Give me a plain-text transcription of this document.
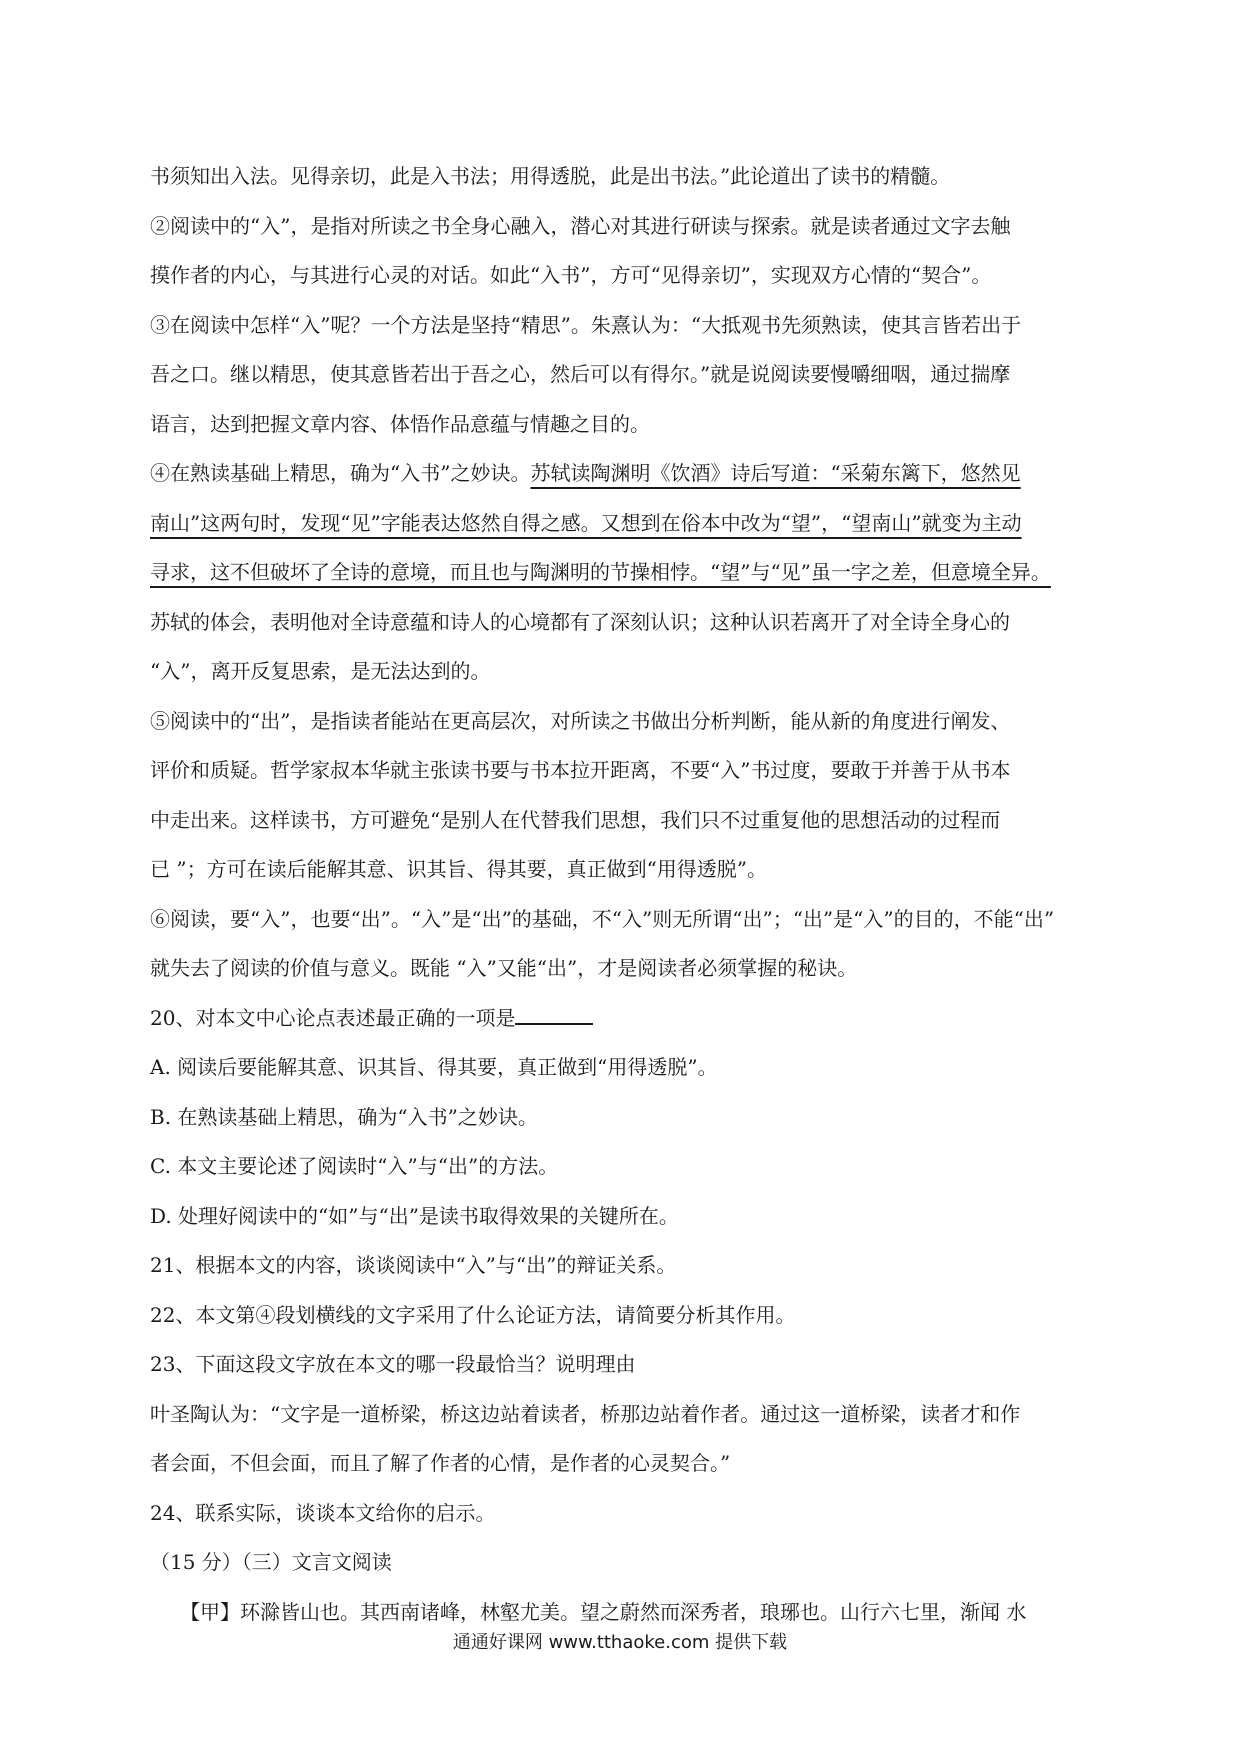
书须知出入法。见得亲切，此是入书法；用得透脱，此是出书法。”此论道出了读书的精髓。
②阅读中的“入”，是指对所读之书全身心融入，潜心对其进行研读与探索。就是读者通过文字去触
摸作者的内心，与其进行心灵的对话。如此“入书”，方可“见得亲切”，实现双方心情的“契合”。
③在阅读中怎样“入”呢？一个方法是坚持“精思”。朱熹认为：“大抵观书先须熟读，使其言皆若出于
吾之口。继以精思，使其意皆若出于吾之心，然后可以有得尔。”就是说阅读要慢嚼细咽，通过揣摩
语言，达到把握文章内容、体悟作品意蕴与情趣之目的。
④在熟读基础上精思，确为“入书”之妙诀。苏轼读陶渊明《饮酒》诗后写道：“采菊东篱下，悠然见
南山”这两句时，发现“见”字能表达悠然自得之感。又想到在俗本中改为“望”，“望南山”就变为主动
寻求，这不但破坏了全诗的意境，而且也与陶渊明的节操相悖。“望”与“见”虽一字之差，但意境全异。
苏轼的体会，表明他对全诗意蕴和诗人的心境都有了深刻认识；这种认识若离开了对全诗全身心的
“入”，离开反复思索，是无法达到的。
⑤阅读中的“出”，是指读者能站在更高层次，对所读之书做出分析判断，能从新的角度进行阐发、
评价和质疑。哲学家叔本华就主张读书要与书本拉开距离，不要“入”书过度，要敢于并善于从书本
中走出来。这样读书，方可避免“是别人在代替我们思想，我们只不过重复他的思想活动的过程而
已 ”；方可在读后能解其意、识其旨、得其要，真正做到“用得透脱”。
⑥阅读，要“入”，也要“出”。“入”是“出”的基础，不“入”则无所谓“出”；“出”是“入”的目的，不能“出”
就失去了阅读的价值与意义。既能 “入”又能“出”，才是阅读者必须掌握的秘诀。
20、对本文中心论点表述最正确的一项是
A. 阅读后要能解其意、识其旨、得其要，真正做到“用得透脱”。
B. 在熟读基础上精思，确为“入书”之妙诀。
C. 本文主要论述了阅读时“入”与“出”的方法。
D. 处理好阅读中的“如”与“出”是读书取得效果的关键所在。
21、根据本文的内容，谈谈阅读中“入”与“出”的辩证关系。
22、本文第④段划横线的文字采用了什么论证方法，请简要分析其作用。
23、下面这段文字放在本文的哪一段最恰当？说明理由
叶圣陶认为：“文字是一道桥梁，桥这边站着读者，桥那边站着作者。通过这一道桥梁，读者才和作
者会面，不但会面，而且了解了作者的心情，是作者的心灵契合。”
24、联系实际，谈谈本文给你的启示。
（15 分）（三）文言文阅读
【甲】环滁皆山也。其西南诸峰，林壑尤美。望之蔚然而深秀者，琅琊也。山行六七里，渐闻 水
通通好课网 www.tthaoke.com 提供下载
